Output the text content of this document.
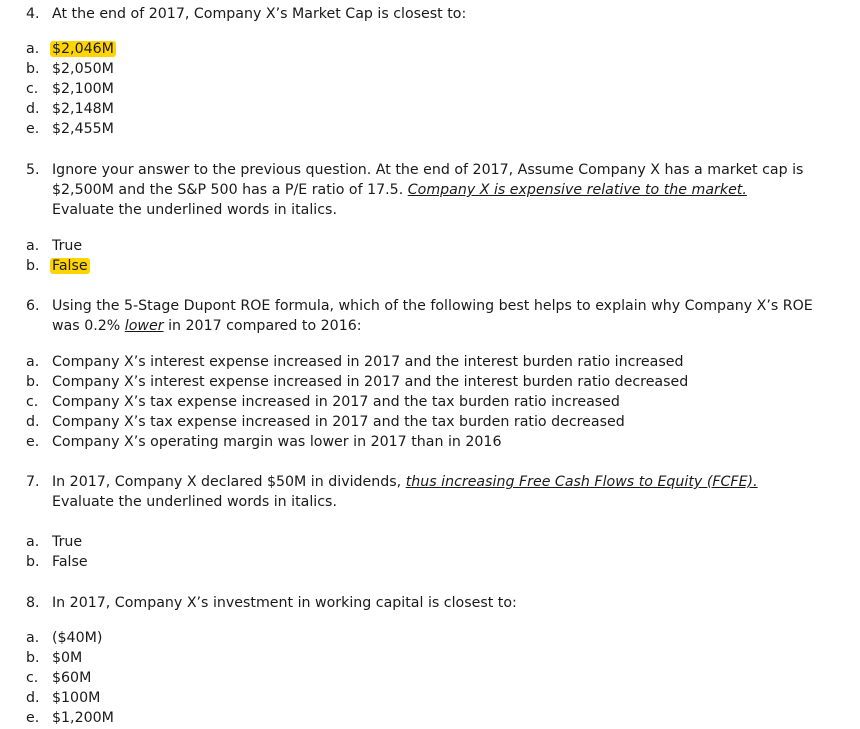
4. At the end of 2017, Company X’s Market Cap is closest to:
a. $2,046M
b. $2,050M
c. $2,100M
d. $2,148M
e. $2,455M
5. Ignore your answer to the previous question. At the end of 2017, Assume Company X has a market cap is $2,500M and the S&P 500 has a P/E ratio of 17.5. Company X is expensive relative to the market.
Evaluate the underlined words in italics.
a. True
b. False
6. Using the 5-Stage Dupont ROE formula, which of the following best helps to explain why Company X’s ROE was 0.2% lower in 2017 compared to 2016:
a. Company X’s interest expense increased in 2017 and the interest burden ratio increased
b. Company X’s interest expense increased in 2017 and the interest burden ratio decreased
c. Company X’s tax expense increased in 2017 and the tax burden ratio increased
d. Company X’s tax expense increased in 2017 and the tax burden ratio decreased
e. Company X’s operating margin was lower in 2017 than in 2016
7. In 2017, Company X declared $50M in dividends, thus increasing Free Cash Flows to Equity (FCFE).
Evaluate the underlined words in italics.
a. True
b. False
8. In 2017, Company X’s investment in working capital is closest to:
a. ($40M)
b. $0M
c. $60M
d. $100M
e. $1,200M
